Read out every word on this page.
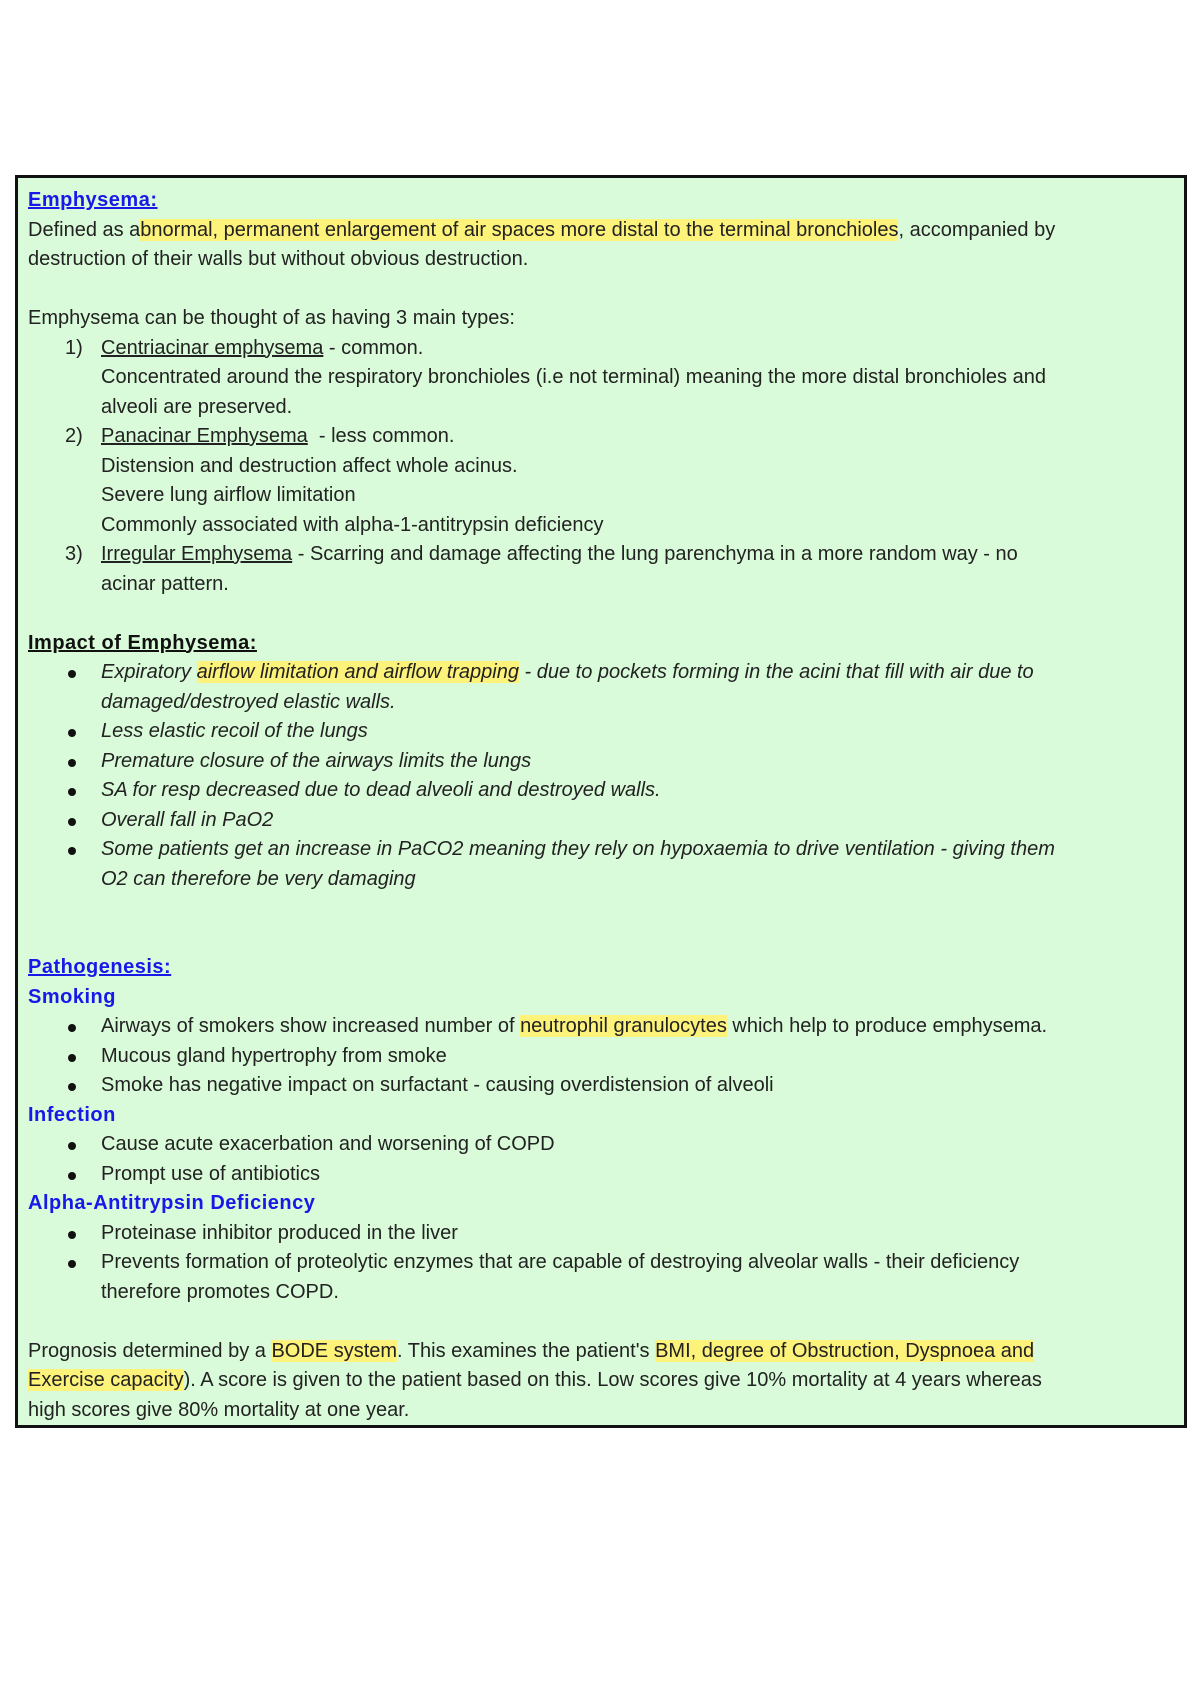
Emphysema:
Defined as abnormal, permanent enlargement of air spaces more distal to the terminal bronchioles, accompanied by
destruction of their walls but without obvious destruction.
Emphysema can be thought of as having 3 main types:
1) Centriacinar emphysema - common.
Concentrated around the respiratory bronchioles (i.e not terminal) meaning the more distal bronchioles and
alveoli are preserved.
2) Panacinar Emphysema  - less common.
Distension and destruction affect whole acinus.
Severe lung airflow limitation
Commonly associated with alpha-1-antitrypsin deficiency
3) Irregular Emphysema - Scarring and damage affecting the lung parenchyma in a more random way - no
acinar pattern.
Impact of Emphysema:
Expiratory airflow limitation and airflow trapping - due to pockets forming in the acini that fill with air due to
damaged/destroyed elastic walls.
Less elastic recoil of the lungs
Premature closure of the airways limits the lungs
SA for resp decreased due to dead alveoli and destroyed walls.
Overall fall in PaO2
Some patients get an increase in PaCO2 meaning they rely on hypoxaemia to drive ventilation - giving them
O2 can therefore be very damaging
Pathogenesis:
Smoking
Airways of smokers show increased number of neutrophil granulocytes which help to produce emphysema.
Mucous gland hypertrophy from smoke
Smoke has negative impact on surfactant - causing overdistension of alveoli
Infection
Cause acute exacerbation and worsening of COPD
Prompt use of antibiotics
Alpha-Antitrypsin Deficiency
Proteinase inhibitor produced in the liver
Prevents formation of proteolytic enzymes that are capable of destroying alveolar walls - their deficiency
therefore promotes COPD.
Prognosis determined by a BODE system. This examines the patient's BMI, degree of Obstruction, Dyspnoea and
Exercise capacity). A score is given to the patient based on this. Low scores give 10% mortality at 4 years whereas
high scores give 80% mortality at one year.
